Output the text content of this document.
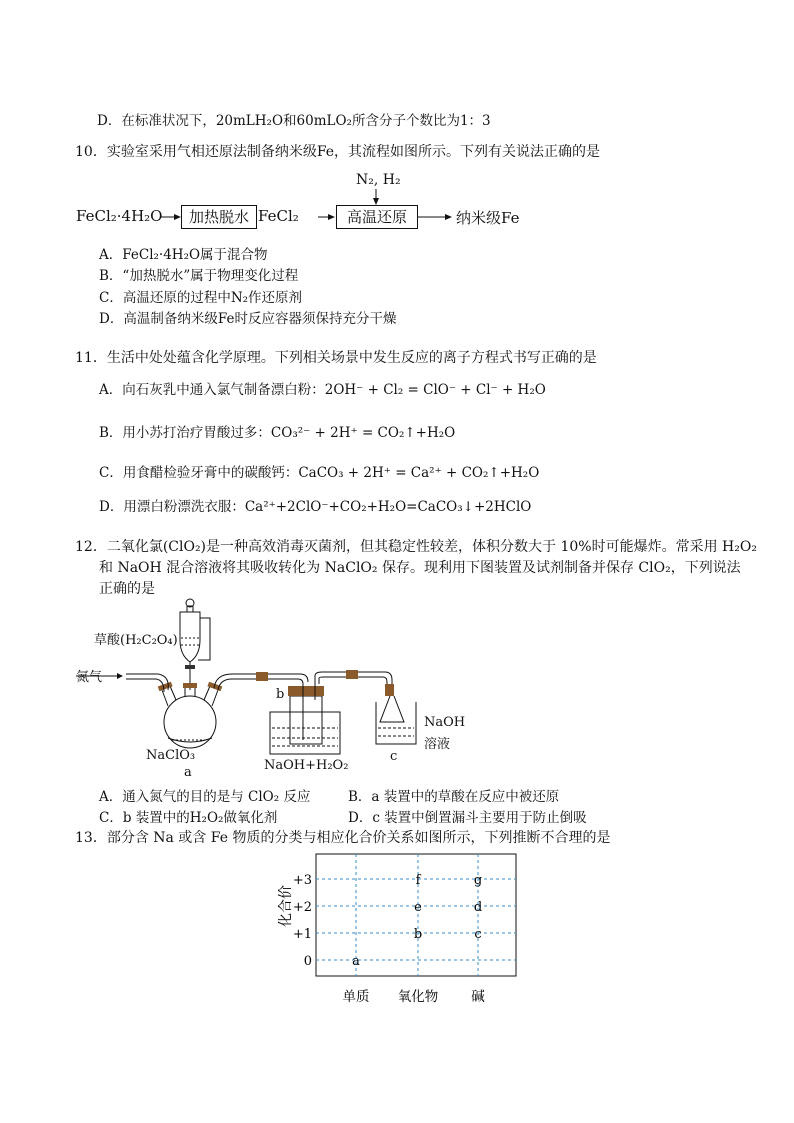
D．在标准状况下，20mLH₂O和60mLO₂所含分子个数比为1：3
10．实验室采用气相还原法制备纳米级Fe，其流程如图所示。下列有关说法正确的是
FeCl₂·4H₂O	加热脱水 FeCl₂
N₂, H₂
高温还原	纳米级Fe
A．FeCl₂·4H₂O属于混合物
B．“加热脱水”属于物理变化过程
C．高温还原的过程中N₂作还原剂
D．高温制备纳米级Fe时反应容器须保持充分干燥
11．生活中处处蕴含化学原理。下列相关场景中发生反应的离子方程式书写正确的是
A．向石灰乳中通入氯气制备漂白粉：2OH⁻ + Cl₂ = ClO⁻ + Cl⁻ + H₂O
B．用小苏打治疗胃酸过多：CO₃²⁻ + 2H⁺ = CO₂↑+H₂O
C．用食醋检验牙膏中的碳酸钙：CaCO₃ + 2H⁺ = Ca²⁺ + CO₂↑+H₂O
D．用漂白粉漂洗衣服：Ca²⁺+2ClO⁻+CO₂+H₂O=CaCO₃↓+2HClO
12．二氧化氯(ClO₂)是一种高效消毒灭菌剂，但其稳定性较差，体积分数大于 10%时可能爆炸。常采用 H₂O₂
和 NaOH 混合溶液将其吸收转化为 NaClO₂ 保存。现利用下图装置及试剂制备并保存 ClO₂，下列说法
正确的是
草酸(H₂C₂O₄)
氮气
NaClO₃
a
b
NaOH+H₂O₂
c
NaOH
溶液
A．通入氮气的目的是与 ClO₂ 反应	B．a 装置中的草酸在反应中被还原
C．b 装置中的H₂O₂做氧化剂	D．c 装置中倒置漏斗主要用于防止倒吸
13．部分含 Na 或含 Fe 物质的分类与相应化合价关系如图所示，下列推断不合理的是
+3
+2
+1
0
单质 氧化物 碱
a
b
e
f
c
d
g
化合价
